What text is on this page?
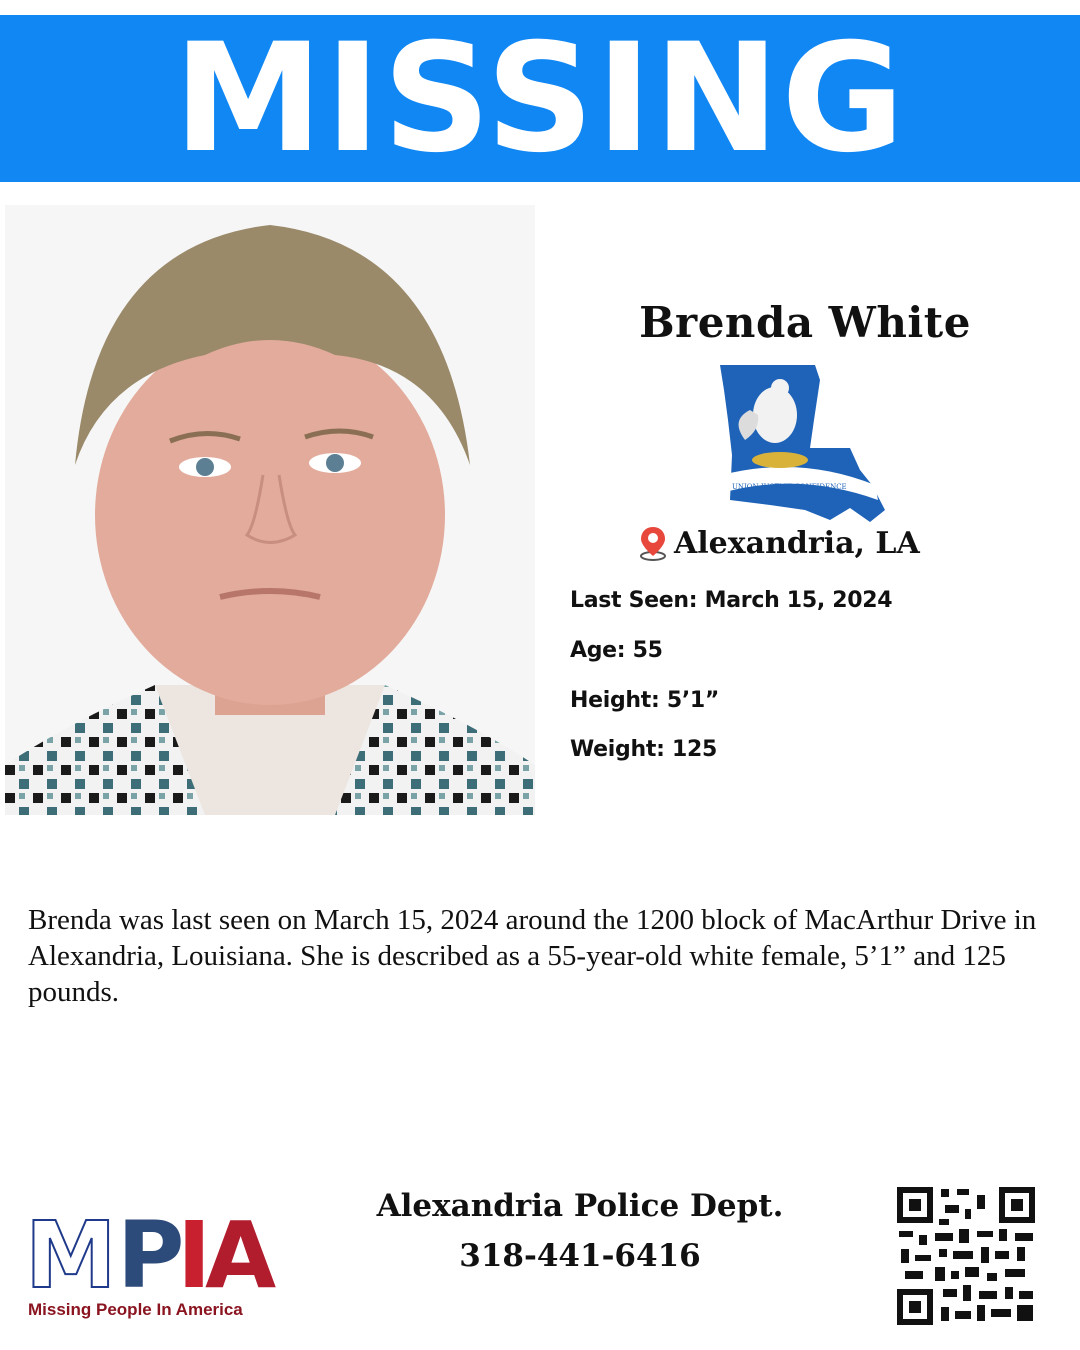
MISSING
Brenda White
UNION JUSTICE CONFIDENCE
Alexandria, LA
Last Seen: March 15, 2024
Age: 55
Height: 5’1”
Weight: 125
Brenda was last seen on March 15, 2024 around the 1200 block of MacArthur Drive in Alexandria, Louisiana. She is described as a 55-year-old white female, 5’1” and 125 pounds.
M P
I
A
Missing People In America
Alexandria Police Dept.
318-441-6416
